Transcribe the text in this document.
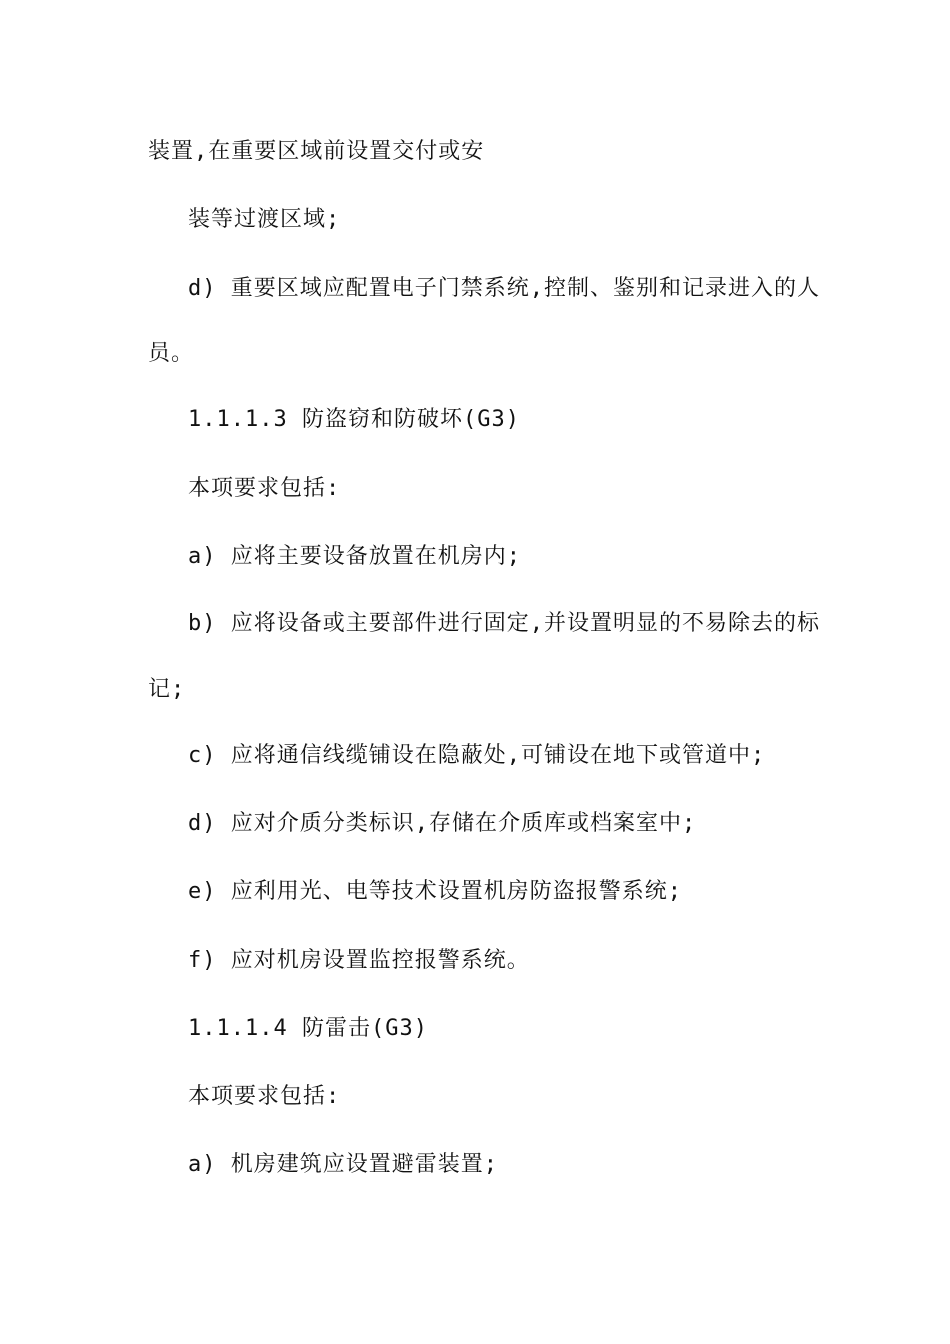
装置,在重要区域前设置交付或安
装等过渡区域;
d) 重要区域应配置电子门禁系统,控制、鉴别和记录进入的人
员。
1.1.1.3 防盗窃和防破坏(G3)
本项要求包括:
a) 应将主要设备放置在机房内;
b) 应将设备或主要部件进行固定,并设置明显的不易除去的标
记;
c) 应将通信线缆铺设在隐蔽处,可铺设在地下或管道中;
d) 应对介质分类标识,存储在介质库或档案室中;
e) 应利用光、电等技术设置机房防盗报警系统;
f) 应对机房设置监控报警系统。
1.1.1.4 防雷击(G3)
本项要求包括:
a) 机房建筑应设置避雷装置;
